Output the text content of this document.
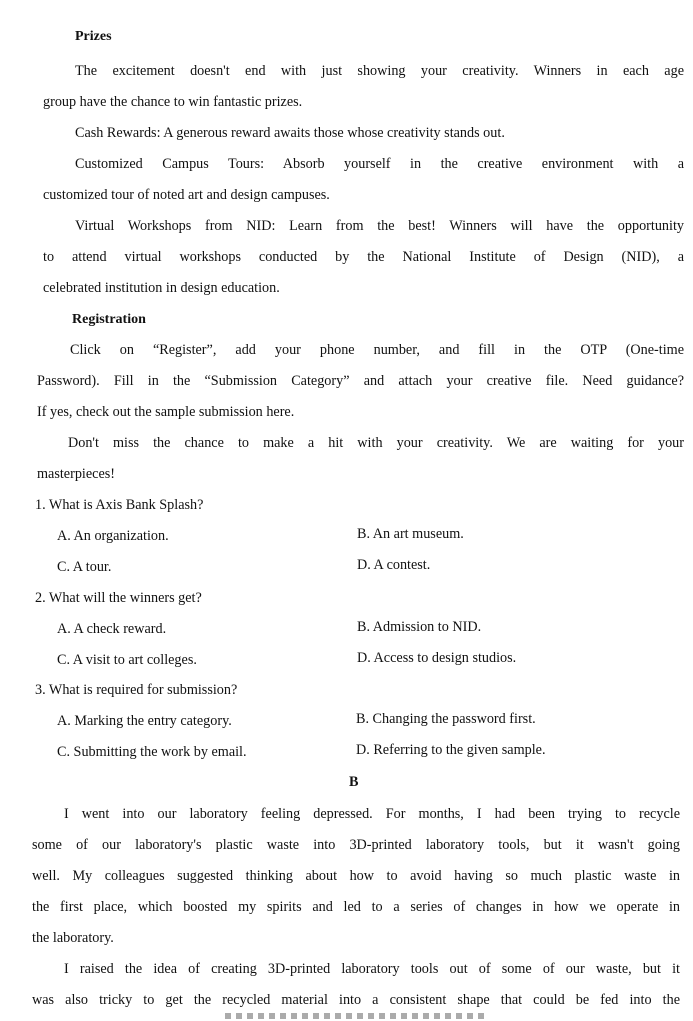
Prizes
The excitement doesn't end with just showing your creativity. Winners in each age
group have the chance to win fantastic prizes.
Cash Rewards: A generous reward awaits those whose creativity stands out.
Customized Campus Tours: Absorb yourself in the creative environment with a
customized tour of noted art and design campuses.
Virtual Workshops from NID: Learn from the best! Winners will have the opportunity
to attend virtual workshops conducted by the National Institute of Design (NID), a
celebrated institution in design education.
Registration
Click on “Register”, add your phone number, and fill in the OTP (One-time
Password). Fill in the “Submission Category” and attach your creative file. Need guidance?
If yes, check out the sample submission here.
Don't miss the chance to make a hit with your creativity. We are waiting for your
masterpieces!
1. What is Axis Bank Splash?
A. An organization.	B. An art museum.
C. A tour.	D. A contest.
2. What will the winners get?
A. A check reward.	B. Admission to NID.
C. A visit to art colleges.	D. Access to design studios.
3. What is required for submission?
A. Marking the entry category.	B. Changing the password first.
C. Submitting the work by email.	D. Referring to the given sample.
B
I went into our laboratory feeling depressed. For months, I had been trying to recycle
some of our laboratory's plastic waste into 3D-printed laboratory tools, but it wasn't going
well. My colleagues suggested thinking about how to avoid having so much plastic waste in
the first place, which boosted my spirits and led to a series of changes in how we operate in
the laboratory.
I raised the idea of creating 3D-printed laboratory tools out of some of our waste, but it
was also tricky to get the recycled material into a consistent shape that could be fed into the
